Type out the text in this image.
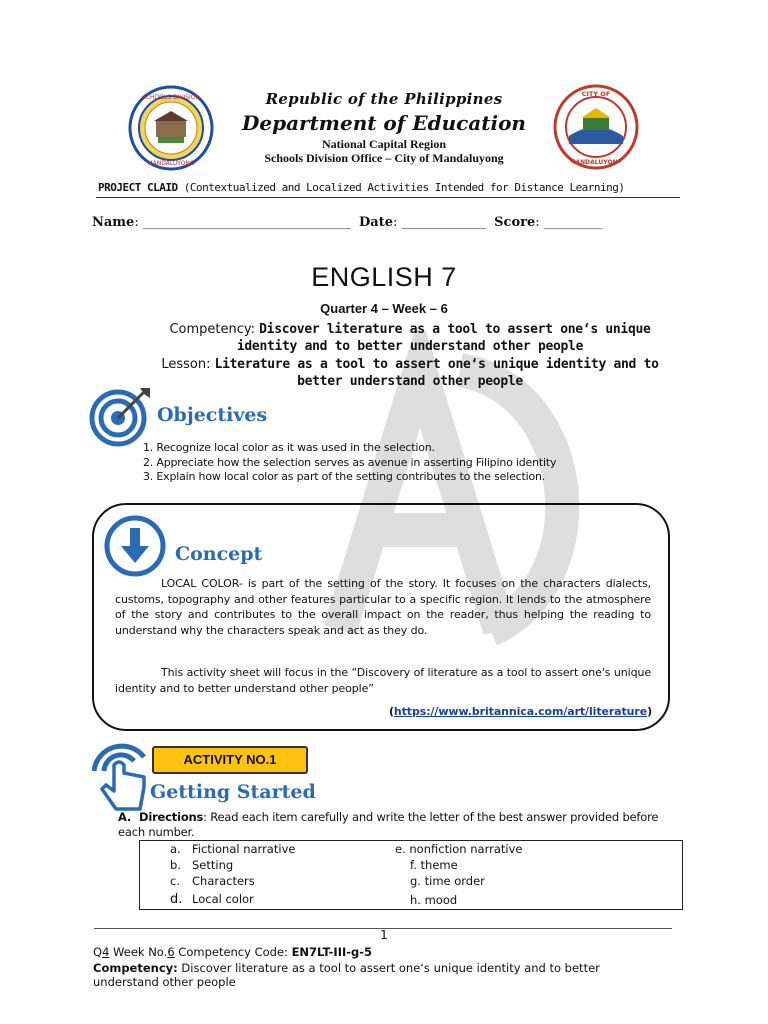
SCHOOLS DIVISION
MANDALUYONG
CITY OF
MANDALUYONG
Republic of the Philippines
Department of Education
National Capital Region
Schools Division Office – City of Mandaluyong
PROJECT CLAID (Contextualized and Localized Activities Intended for Distance Learning)
Name: ________________________________ Date: _____________ Score: _________
ENGLISH 7
Quarter 4 – Week – 6
Competency: Discover literature as a tool to assert one‘s unique identity and to better understand other people
Lesson: Literature as a tool to assert one‘s unique identity and to better understand other people
Objectives
1. Recognize local color as it was used in the selection.
2. Appreciate how the selection serves as avenue in asserting Filipino identity
3. Explain how local color as part of the setting contributes to the selection.
Concept
LOCAL COLOR- is part of the setting of the story. It focuses on the characters dialects, customs, topography and other features particular to a specific region. It lends to the atmosphere of the story and contributes to the overall impact on the reader, thus helping the reading to understand why the characters speak and act as they do.
This activity sheet will focus in the “Discovery of literature as a tool to assert one's unique identity and to better understand other people”
(https://www.britannica.com/art/literature)
ACTIVITY NO.1
Getting Started
A. Directions: Read each item carefully and write the letter of the best answer provided before each number.
a. Fictional narrative
b. Setting
c. Characters
d. Local color
e. nonfiction narrative
f. theme
g. time order
h. mood
1
Q4 Week No.6 Competency Code: EN7LT-III-g-5
Competency: Discover literature as a tool to assert one‘s unique identity and to better understand other people
